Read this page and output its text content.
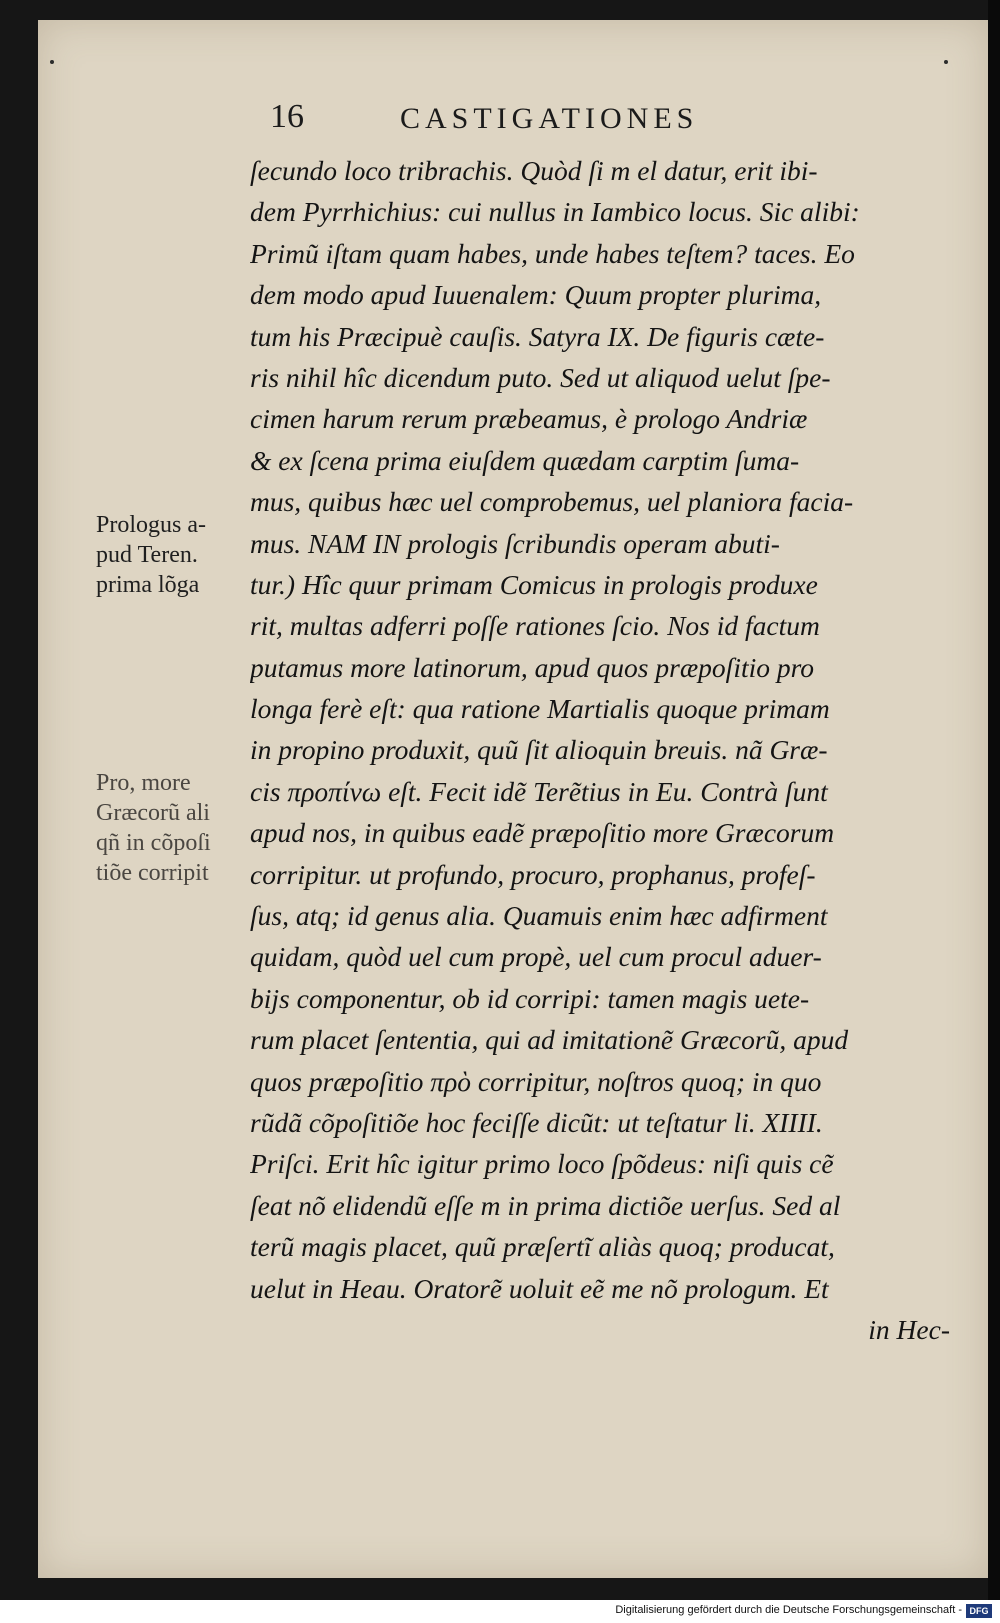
16	CASTIGATIONES
ſecundo loco tribrachis. Quòd ſi m el datur, erit ibi-
dem Pyrrhichius: cui nullus in Iambico locus. Sic alibi:
Primũ iſtam quam habes, unde habes teſtem? taces. Eo
dem modo apud Iuuenalem: Quum propter plurima,
tum his Præcipuè cauſis. Satyra IX. De figuris cæte-
ris nihil hîc dicendum puto. Sed ut aliquod uelut ſpe-
cimen harum rerum præbeamus, è prologo Andriæ
& ex ſcena prima eiuſdem quædam carptim ſuma-
mus, quibus hæc uel comprobemus, uel planiora facia-
mus. NAM IN prologis ſcribundis operam abuti-
tur.) Hîc quur primam Comicus in prologis produxe
rit, multas adferri poſſe rationes ſcio. Nos id factum
putamus more latinorum, apud quos præpoſitio pro
longa ferè eſt: qua ratione Martialis quoque primam
in propino produxit, quũ ſit alioquin breuis. nã Græ-
cis προπίνω eſt. Fecit idẽ Terẽtius in Eu. Contrà ſunt
apud nos, in quibus eadẽ præpoſitio more Græcorum
corripitur. ut profundo, procuro, prophanus, profeſ-
ſus, atq; id genus alia. Quamuis enim hæc adfirment
quidam, quòd uel cum propè, uel cum procul aduer-
bijs componentur, ob id corripi: tamen magis uete-
rum placet ſententia, qui ad imitationẽ Græcorũ, apud
quos præpoſitio πρὸ corripitur, noſtros quoq; in quo
rũdã cõpoſitiõe hoc feciſſe dicũt: ut teſtatur li. XIIII.
Priſci. Erit hîc igitur primo loco ſpõdeus: niſi quis cẽ
ſeat nõ elidendũ eſſe m in prima dictiõe uerſus. Sed al
terũ magis placet, quũ præſertĩ aliàs quoq; producat,
uelut in Heau. Oratorẽ uoluit eẽ me nõ prologum. Et
in Hec-
Prologus a-
pud Teren.
prima lõga
Pro, more
Græcorũ ali
qñ in cõpoſi
tiõe corripit
Digitalisierung gefördert durch die Deutsche Forschungsgemeinschaft - DFG
